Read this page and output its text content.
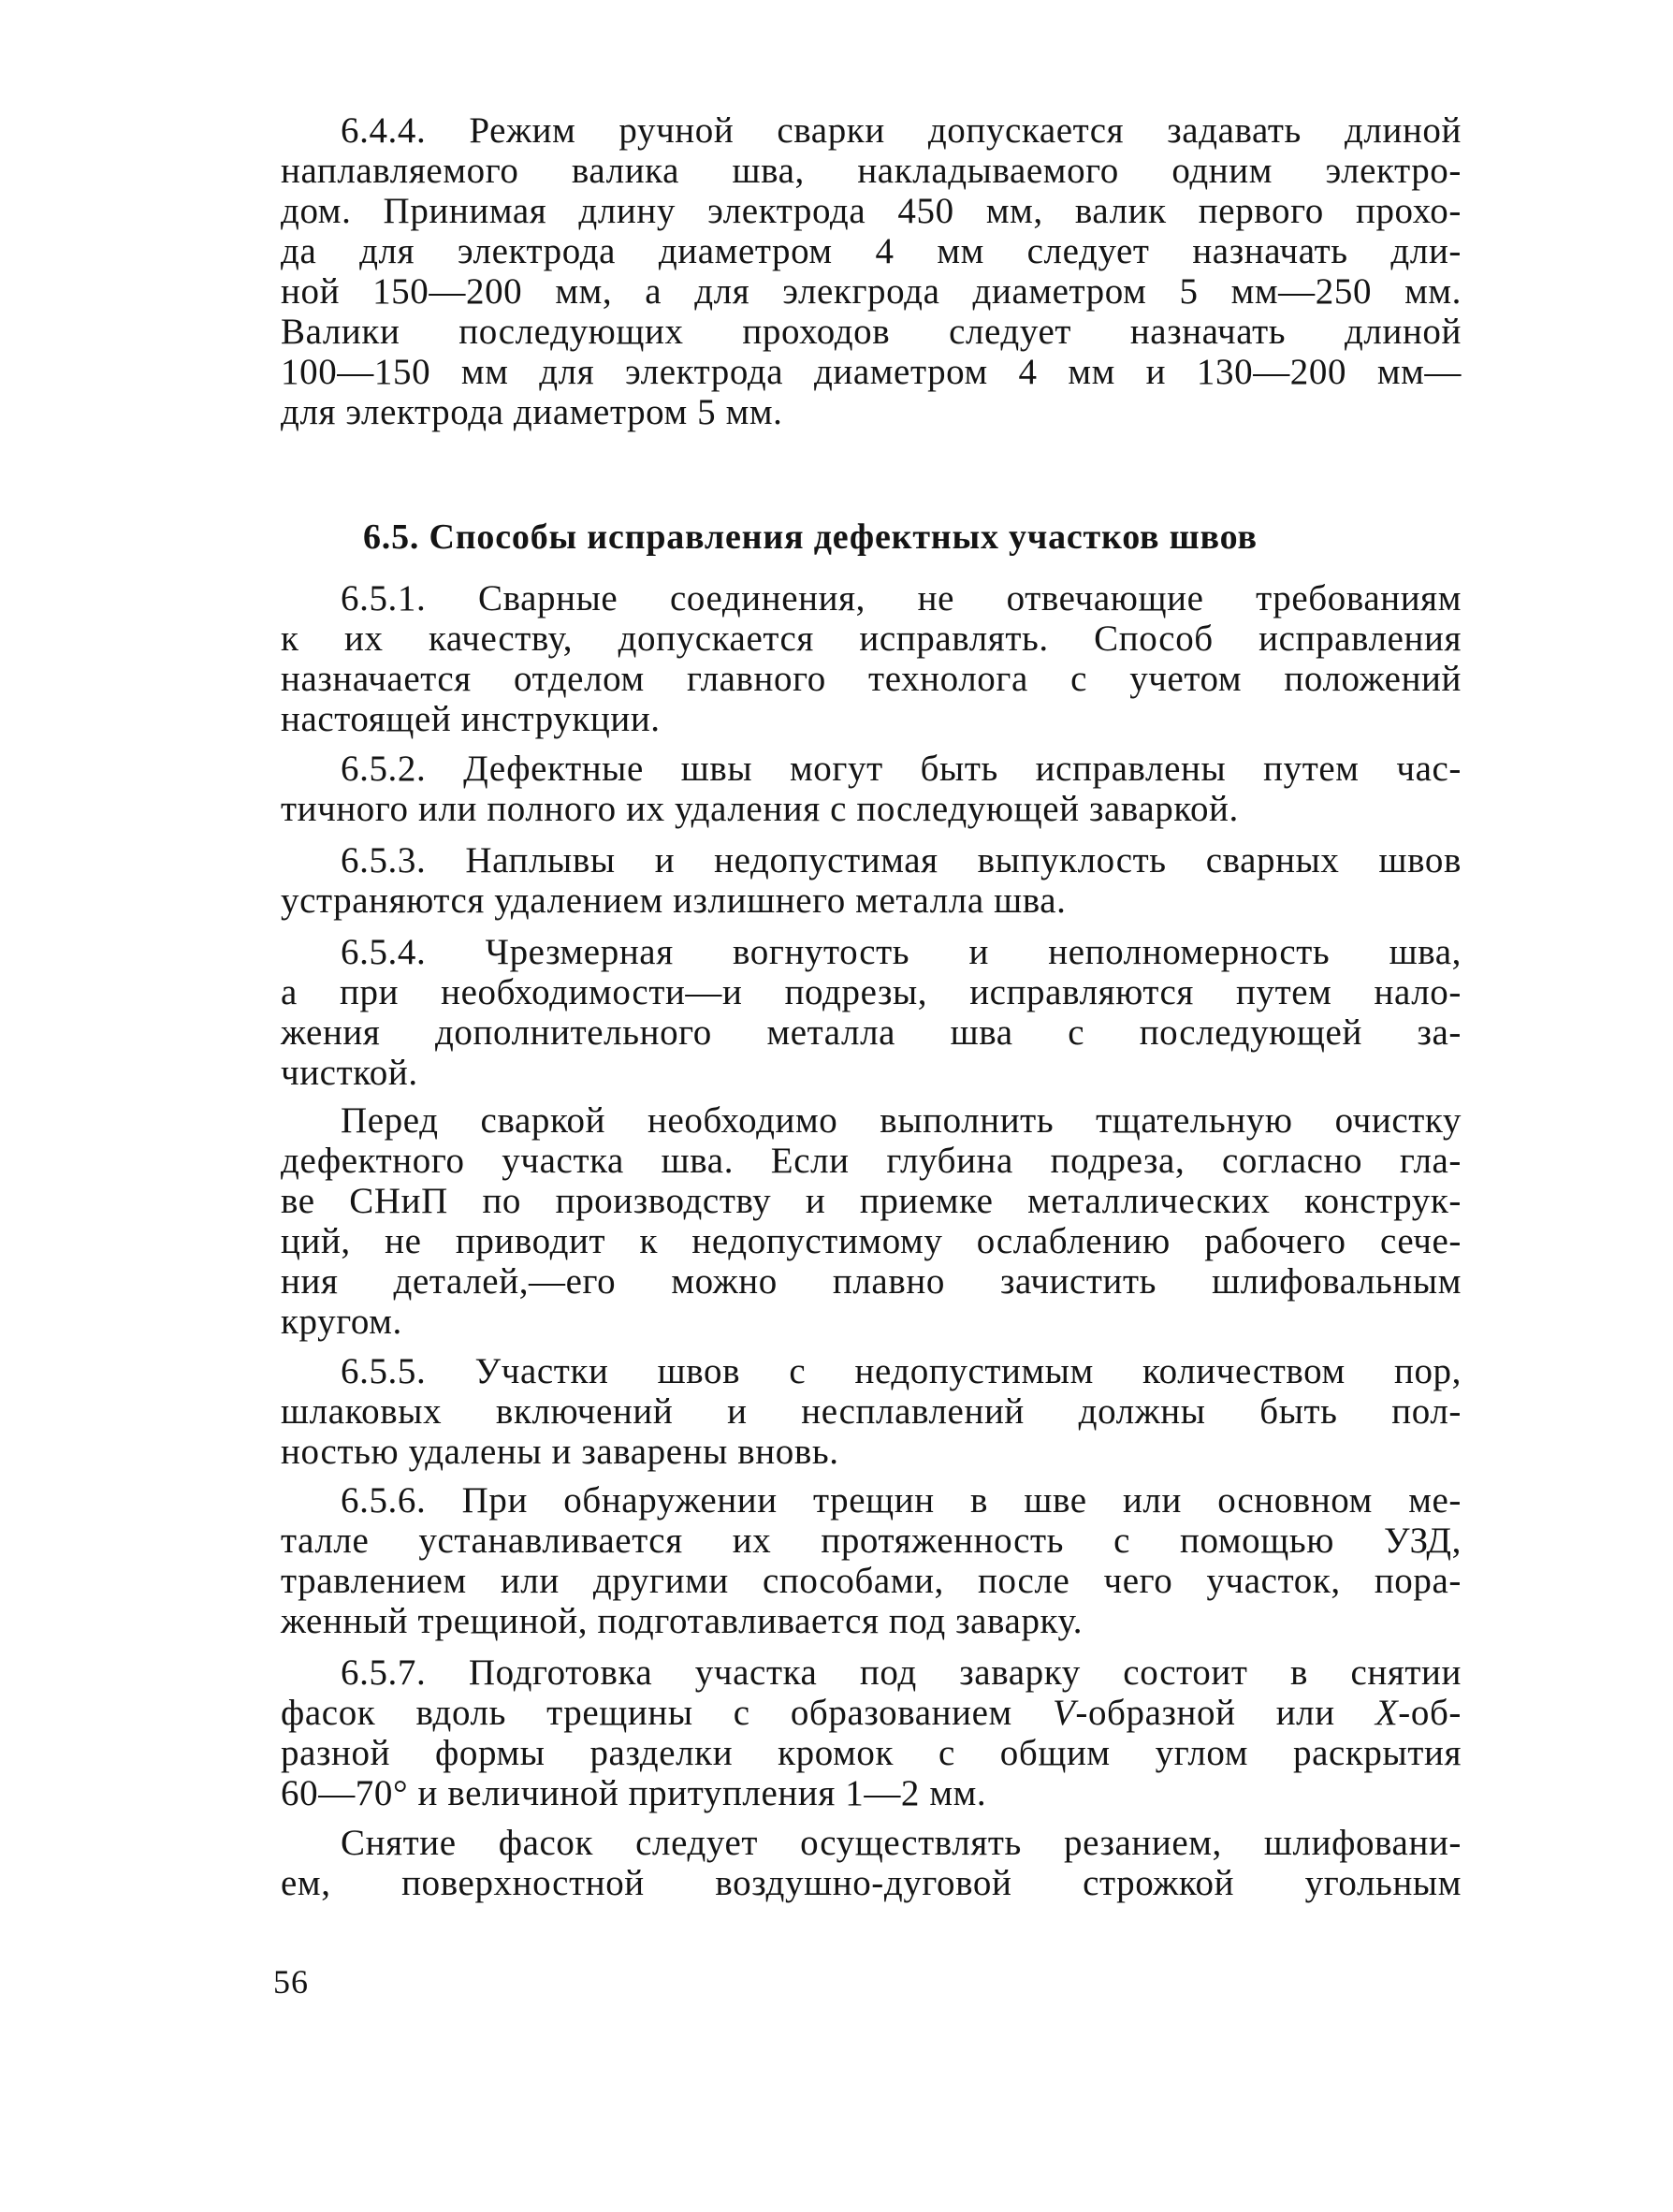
6.4.4. Режим ручной сварки допускается задавать длиной
наплавляемого валика шва, накладываемого одним электро-
дом. Принимая длину электрода 450 мм, валик первого прохо-
да для электрода диаметром 4 мм следует назначать дли-
ной 150—200 мм, а для элекгрода диаметром 5 мм—250 мм.
Валики последующих проходов следует назначать длиной
100—150 мм для электрода диаметром 4 мм и 130—200 мм—
для электрода диаметром 5 мм.
6.5. Способы исправления дефектных участков швов
6.5.1. Сварные соединения, не отвечающие требованиям
к их качеству, допускается исправлять. Способ исправления
назначается отделом главного технолога с учетом положений
настоящей инструкции.
6.5.2. Дефектные швы могут быть исправлены путем час-
тичного или полного их удаления с последующей заваркой.
6.5.3. Наплывы и недопустимая выпуклость сварных швов
устраняются удалением излишнего металла шва.
6.5.4. Чрезмерная вогнутость и неполномерность шва,
а при необходимости—и подрезы, исправляются путем нало-
жения дополнительного металла шва с последующей за-
чисткой.
Перед сваркой необходимо выполнить тщательную очистку
дефектного участка шва. Если глубина подреза, согласно гла-
ве СНиП по производству и приемке металлических конструк-
ций, не приводит к недопустимому ослаблению рабочего сече-
ния деталей,—его можно плавно зачистить шлифовальным
кругом.
6.5.5. Участки швов с недопустимым количеством пор,
шлаковых включений и несплавлений должны быть пол-
ностью удалены и заварены вновь.
6.5.6. При обнаружении трещин в шве или основном ме-
талле устанавливается их протяженность с помощью УЗД,
травлением или другими способами, после чего участок, пора-
женный трещиной, подготавливается под заварку.
6.5.7. Подготовка участка под заварку состоит в снятии
фасок вдоль трещины с образованием V-образной или X-об-
разной формы разделки кромок с общим углом раскрытия
60—70° и величиной притупления 1—2 мм.
Снятие фасок следует осуществлять резанием, шлифовани-
ем, поверхностной воздушно-дуговой строжкой угольным
56
